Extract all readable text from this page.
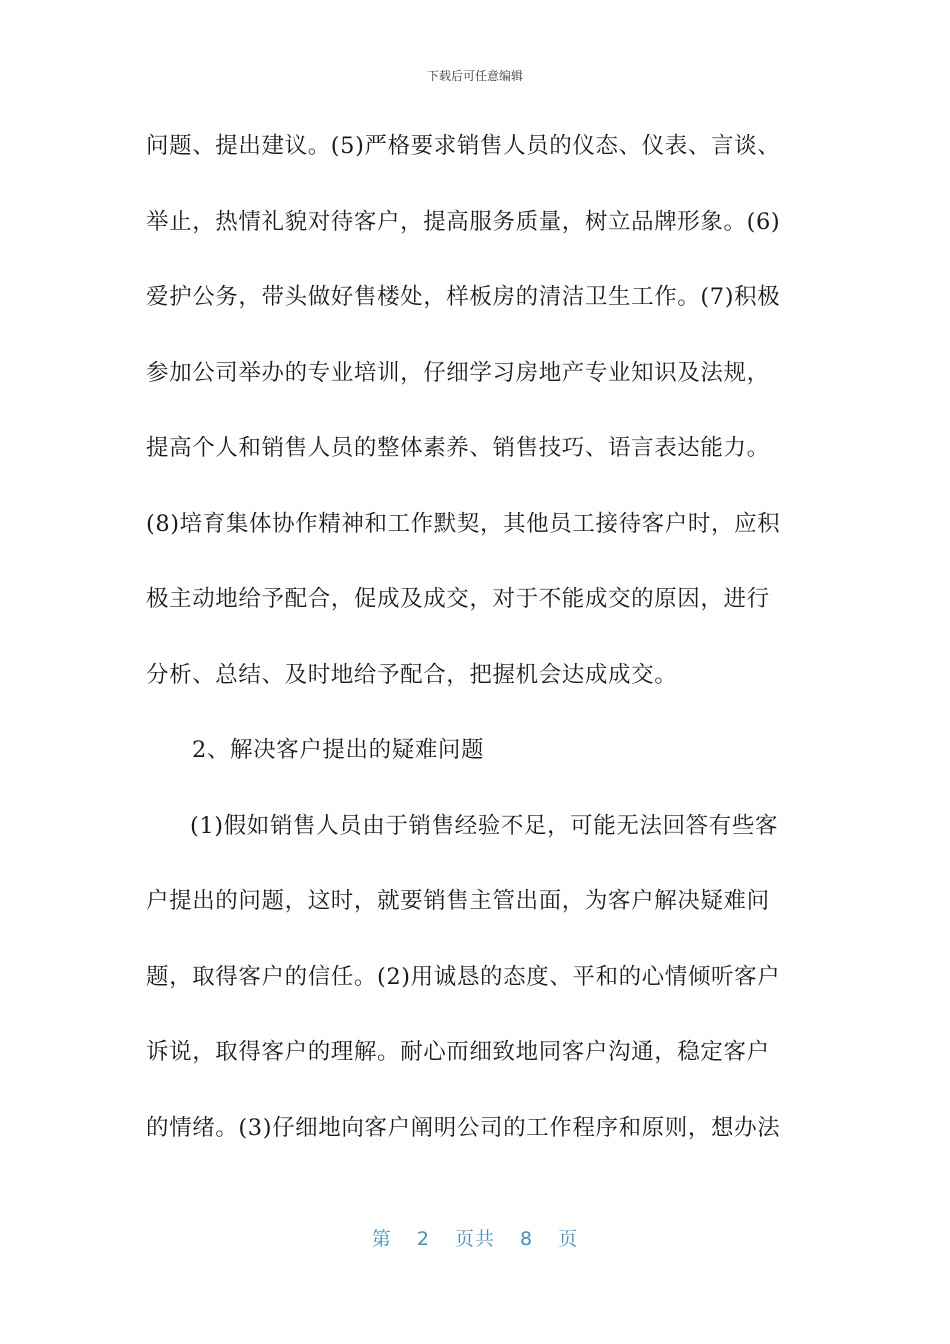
下载后可任意编辑
问题、提出建议。(5)严格要求销售人员的仪态、仪表、言谈、
举止，热情礼貌对待客户，提高服务质量，树立品牌形象。(6)
爱护公务，带头做好售楼处，样板房的清洁卫生工作。(7)积极
参加公司举办的专业培训，仔细学习房地产专业知识及法规，
提高个人和销售人员的整体素养、销售技巧、语言表达能力。
(8)培育集体协作精神和工作默契，其他员工接待客户时，应积
极主动地给予配合，促成及成交，对于不能成交的原因，进行
分析、总结、及时地给予配合，把握机会达成成交。
2、解决客户提出的疑难问题
(1)假如销售人员由于销售经验不足，可能无法回答有些客
户提出的问题，这时，就要销售主管出面，为客户解决疑难问
题，取得客户的信任。(2)用诚恳的态度、平和的心情倾听客户
诉说，取得客户的理解。耐心而细致地同客户沟通，稳定客户
的情绪。(3)仔细地向客户阐明公司的工作程序和原则，想办法
第 2 页共 8 页
